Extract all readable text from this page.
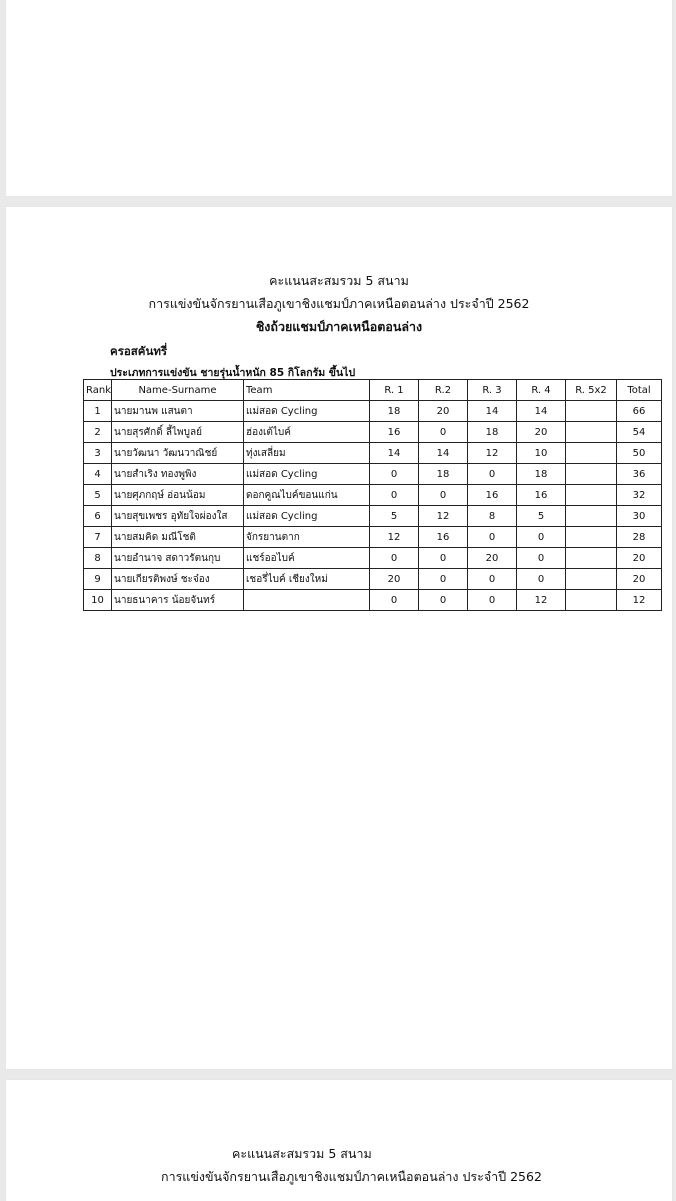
คะแนนสะสมรวม 5 สนาม
การแข่งขันจักรยานเสือภูเขาชิงแชมป์ภาคเหนือตอนล่าง ประจำปี 2562
ชิงถ้วยแชมป์ภาคเหนือตอนล่าง
ครอสคันทรี่
ประเภทการแข่งขัน ชายรุ่นน้ำหนัก 85 กิโลกรัม ขึ้นไป
Rank	Name-Surname	Team	R. 1	R.2	R. 3	R. 4	R. 5x2	Total
1	นายมานพ แสนตา	แม่สอด Cycling	18	20	14	14		66
2	นายสุรศักดิ์ ลี้ไพบูลย์	ฮ่องเต้ไบค์	16	0	18	20		54
3	นายวัฒนา วัฒนวาณิชย์	ทุ่งเสลี่ยม	14	14	12	10		50
4	นายสำเริง ทองพูพิง	แม่สอด Cycling	0	18	0	18		36
5	นายศุภกฤษ์ อ่อนน้อม	ดอกคูณไบค์ขอนแก่น	0	0	16	16		32
6	นายสุขเพชร อุทัยใจผ่องใส	แม่สอด Cycling	5	12	8	5		30
7	นายสมคิด มณีโชติ	จักรยานตาก	12	16	0	0		28
8	นายอำนาจ สดาวรัตนกุบ	แชร์ออไบค์	0	0	20	0		20
9	นายเกียรติพงษ์ ชะจ๋อง	เชอรี่ไบค์ เชียงใหม่	20	0	0	0		20
10	นายธนาคาร น้อยจันทร์		0	0	0	12		12
คะแนนสะสมรวม 5 สนาม
การแข่งขันจักรยานเสือภูเขาชิงแชมป์ภาคเหนือตอนล่าง ประจำปี 2562
